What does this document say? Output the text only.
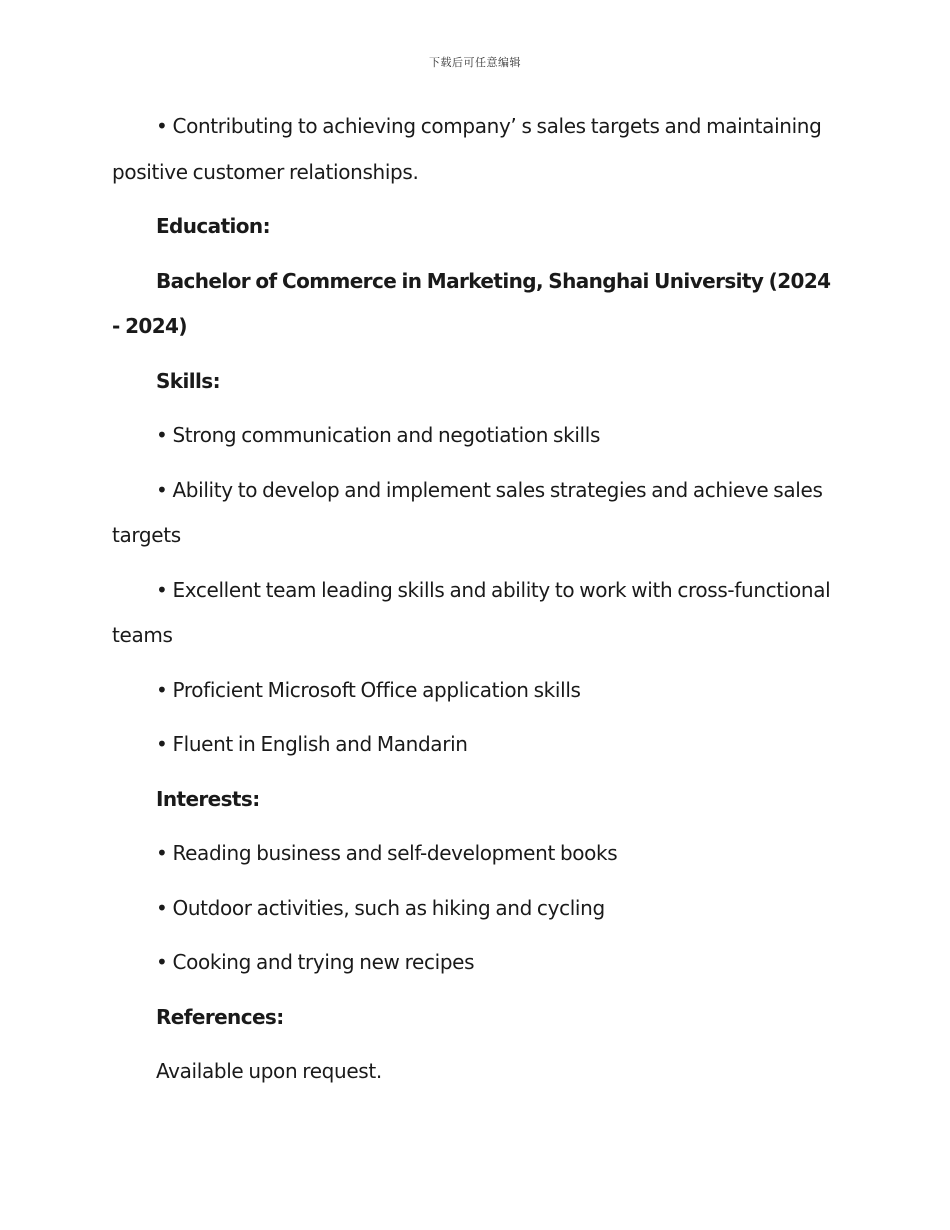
下载后可任意编辑

• Contributing to achieving company’ s sales targets and maintaining positive customer relationships.

Education:

Bachelor of Commerce in Marketing, Shanghai University (2024 - 2024)

Skills:

• Strong communication and negotiation skills

• Ability to develop and implement sales strategies and achieve sales targets

• Excellent team leading skills and ability to work with cross-functional teams

• Proficient Microsoft Office application skills

• Fluent in English and Mandarin

Interests:

• Reading business and self-development books

• Outdoor activities, such as hiking and cycling

• Cooking and trying new recipes

References:

Available upon request.
